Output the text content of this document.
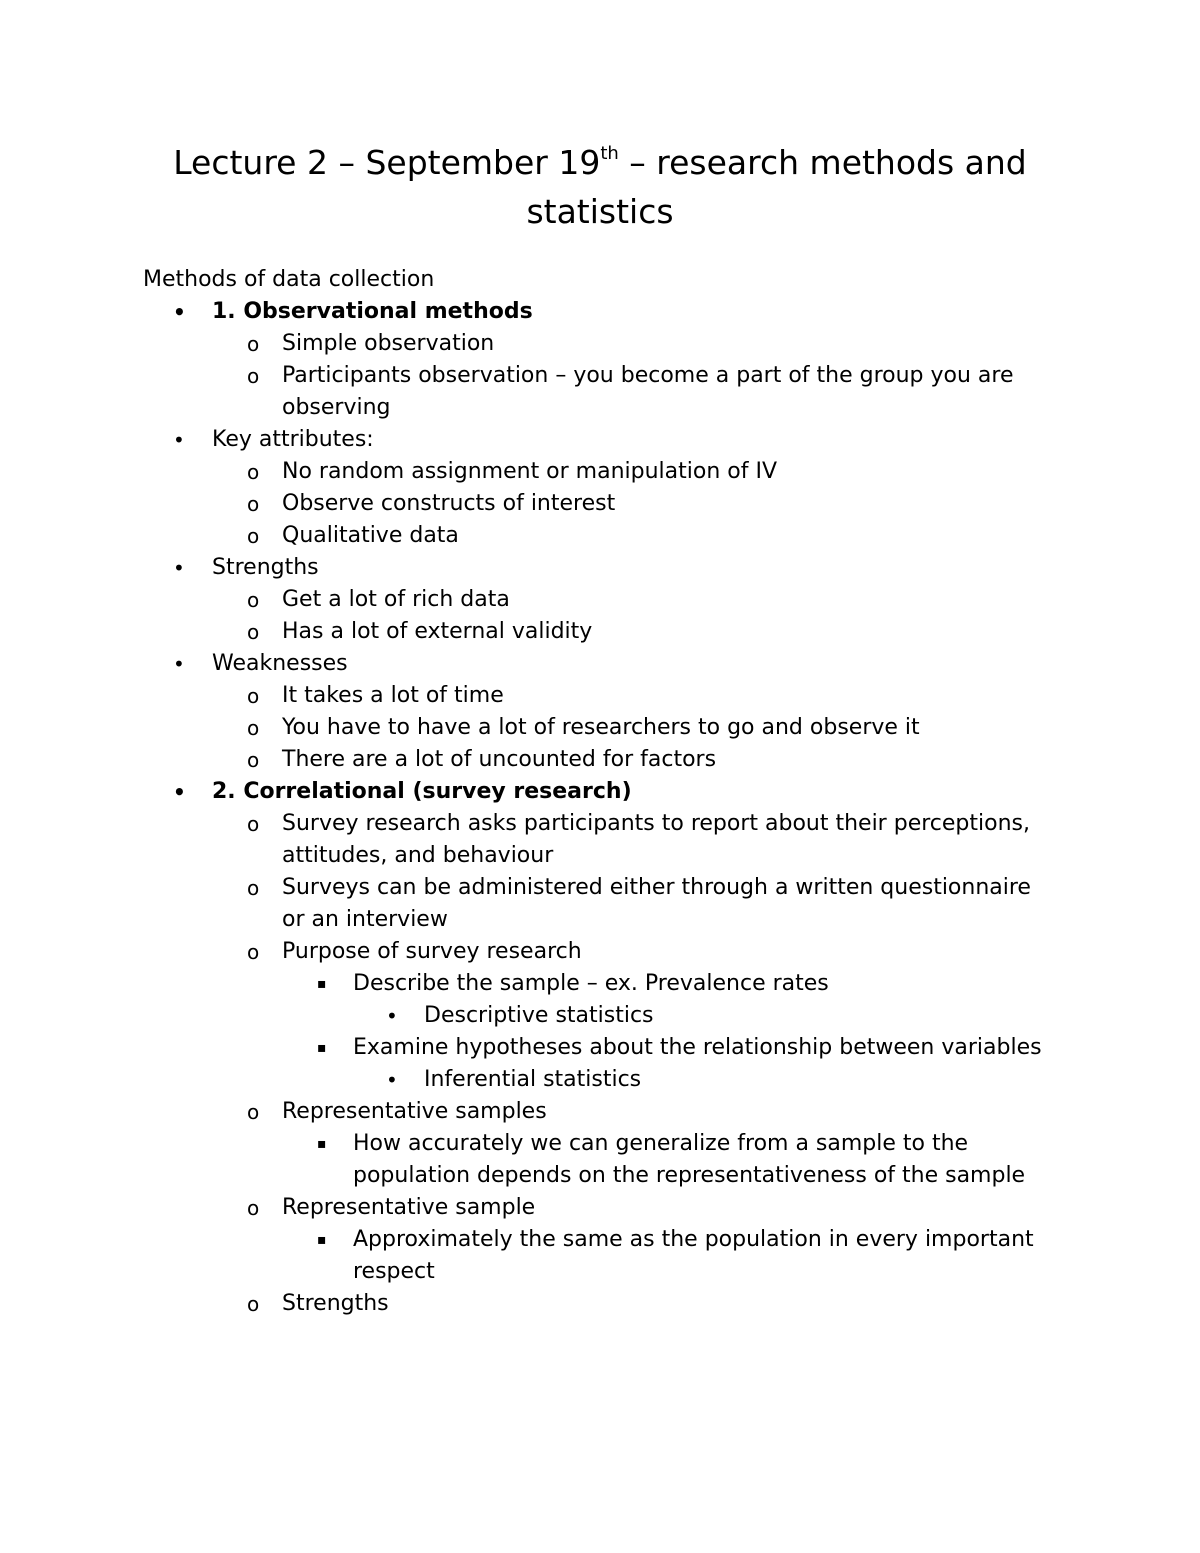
Lecture 2 – September 19th – research methods and statistics

Methods of data collection

• 1. Observational methods
o Simple observation
o Participants observation – you become a part of the group you are observing
• Key attributes:
o No random assignment or manipulation of IV
o Observe constructs of interest
o Qualitative data
• Strengths
o Get a lot of rich data
o Has a lot of external validity
• Weaknesses
o It takes a lot of time
o You have to have a lot of researchers to go and observe it
o There are a lot of uncounted for factors
• 2. Correlational (survey research)
o Survey research asks participants to report about their perceptions, attitudes, and behaviour
o Surveys can be administered either through a written questionnaire or an interview
o Purpose of survey research
▪ Describe the sample – ex. Prevalence rates
• Descriptive statistics
▪ Examine hypotheses about the relationship between variables
• Inferential statistics
o Representative samples
▪ How accurately we can generalize from a sample to the population depends on the representativeness of the sample
o Representative sample
▪ Approximately the same as the population in every important respect
o Strengths
